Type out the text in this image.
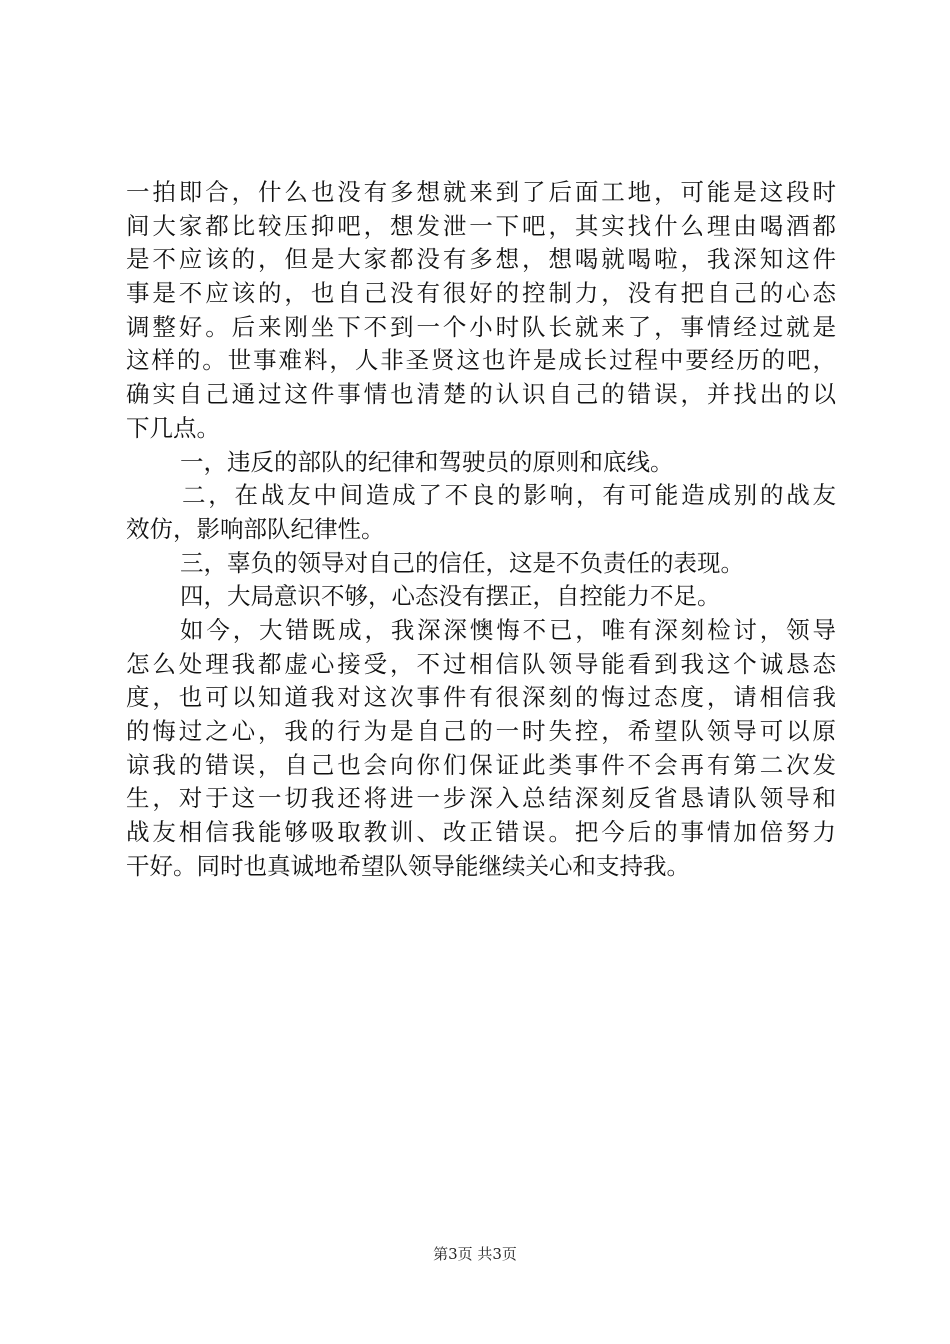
一拍即合，什么也没有多想就来到了后面工地，可能是这段时
间大家都比较压抑吧，想发泄一下吧，其实找什么理由喝酒都
是不应该的，但是大家都没有多想，想喝就喝啦，我深知这件
事是不应该的，也自己没有很好的控制力，没有把自己的心态
调整好。后来刚坐下不到一个小时队长就来了，事情经过就是
这样的。世事难料，人非圣贤这也许是成长过程中要经历的吧，
确实自己通过这件事情也清楚的认识自己的错误，并找出的以
下几点。
一，违反的部队的纪律和驾驶员的原则和底线。
二，在战友中间造成了不良的影响，有可能造成别的战友
效仿，影响部队纪律性。
三，辜负的领导对自己的信任，这是不负责任的表现。
四，大局意识不够，心态没有摆正，自控能力不足。
如今，大错既成，我深深懊悔不已，唯有深刻检讨，领导
怎么处理我都虚心接受，不过相信队领导能看到我这个诚恳态
度，也可以知道我对这次事件有很深刻的悔过态度，请相信我
的悔过之心，我的行为是自己的一时失控，希望队领导可以原
谅我的错误，自己也会向你们保证此类事件不会再有第二次发
生，对于这一切我还将进一步深入总结深刻反省恳请队领导和
战友相信我能够吸取教训、改正错误。把今后的事情加倍努力
干好。同时也真诚地希望队领导能继续关心和支持我。
第3页 共3页
